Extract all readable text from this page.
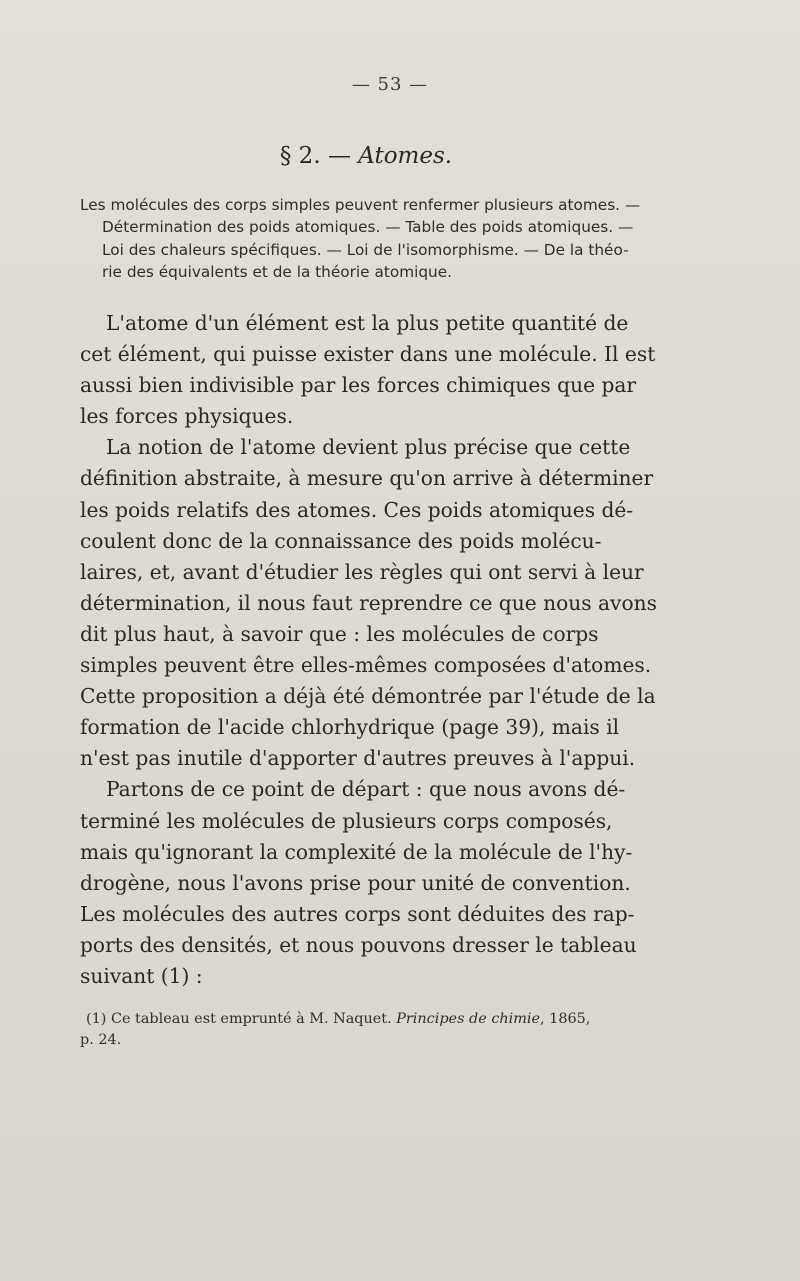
— 53 —
§ 2. — Atomes.
Les molécules des corps simples peuvent renfermer plusieurs atomes. —
Détermination des poids atomiques. — Table des poids atomiques. —
Loi des chaleurs spécifiques. — Loi de l'isomorphisme. — De la théo-
rie des équivalents et de la théorie atomique.
L'atome d'un élément est la plus petite quantité de
cet élément, qui puisse exister dans une molécule. Il est
aussi bien indivisible par les forces chimiques que par
les forces physiques.
La notion de l'atome devient plus précise que cette
définition abstraite, à mesure qu'on arrive à déterminer
les poids relatifs des atomes. Ces poids atomiques dé-
coulent donc de la connaissance des poids molécu-
laires, et, avant d'étudier les règles qui ont servi à leur
détermination, il nous faut reprendre ce que nous avons
dit plus haut, à savoir que : les molécules de corps
simples peuvent être elles-mêmes composées d'atomes.
Cette proposition a déjà été démontrée par l'étude de la
formation de l'acide chlorhydrique (page 39), mais il
n'est pas inutile d'apporter d'autres preuves à l'appui.
Partons de ce point de départ : que nous avons dé-
terminé les molécules de plusieurs corps composés,
mais qu'ignorant la complexité de la molécule de l'hy-
drogène, nous l'avons prise pour unité de convention.
Les molécules des autres corps sont déduites des rap-
ports des densités, et nous pouvons dresser le tableau
suivant (1) :
(1) Ce tableau est emprunté à M. Naquet. Principes de chimie, 1865,
p. 24.
